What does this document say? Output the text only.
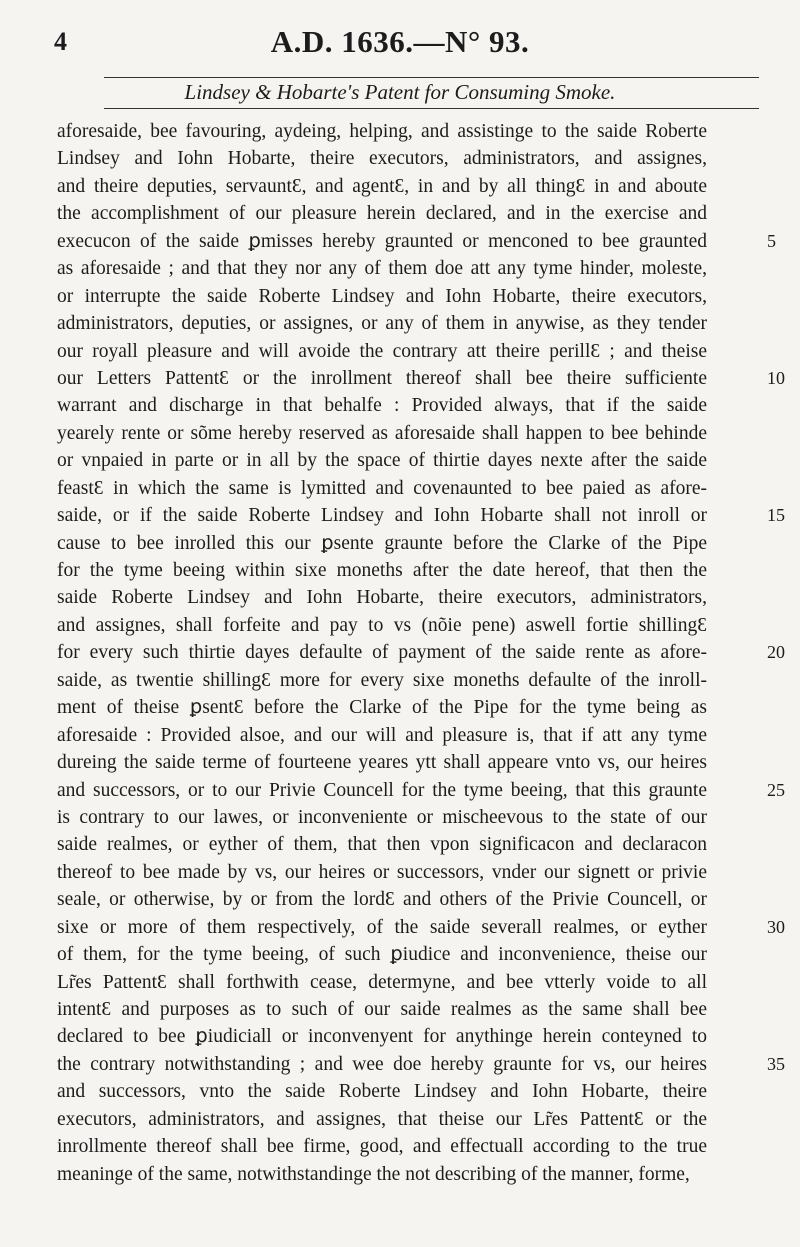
4	A.D. 1636.—N° 93.
Lindsey & Hobarte's Patent for Consuming Smoke.
aforesaide, bee favouring, aydeing, helping, and assistinge to the saide Roberte
Lindsey and Iohn Hobarte, theire executors, administrators, and assignes,
and theire deputies, servauntƐ, and agentƐ, in and by all thingƐ in and aboute
the accomplishment of our pleasure herein declared, and in the exercise and
execucon of the saide ꝑmisses hereby graunted or menconed to bee graunted	5
as aforesaide ; and that they nor any of them doe att any tyme hinder, moleste,
or interrupte the saide Roberte Lindsey and Iohn Hobarte, theire executors,
administrators, deputies, or assignes, or any of them in anywise, as they tender
our royall pleasure and will avoide the contrary att theire perillƐ ; and theise
our Letters PattentƐ or the inrollment thereof shall bee theire sufficiente	10
warrant and discharge in that behalfe : Provided always, that if the saide
yearely rente or sõme hereby reserved as aforesaide shall happen to bee behinde
or vnpaied in parte or in all by the space of thirtie dayes nexte after the saide
feastƐ in which the same is lymitted and covenaunted to bee paied as afore-
saide, or if the saide Roberte Lindsey and Iohn Hobarte shall not inroll or	15
cause to bee inrolled this our ꝑsente graunte before the Clarke of the Pipe
for the tyme beeing within sixe moneths after the date hereof, that then the
saide Roberte Lindsey and Iohn Hobarte, theire executors, administrators,
and assignes, shall forfeite and pay to vs (nõie pene) aswell fortie shillingƐ
for every such thirtie dayes defaulte of payment of the saide rente as afore-	20
saide, as twentie shillingƐ more for every sixe moneths defaulte of the inroll-
ment of theise ꝑsentƐ before the Clarke of the Pipe for the tyme being as
aforesaide : Provided alsoe, and our will and pleasure is, that if att any tyme
dureing the saide terme of fourteene yeares ytt shall appeare vnto vs, our heires
and successors, or to our Privie Councell for the tyme beeing, that this graunte	25
is contrary to our lawes, or inconveniente or mischeevous to the state of our
saide realmes, or eyther of them, that then vpon significacon and declaracon
thereof to bee made by vs, our heires or successors, vnder our signett or privie
seale, or otherwise, by or from the lordƐ and others of the Privie Councell, or
sixe or more of them respectively, of the saide severall realmes, or eyther	30
of them, for the tyme beeing, of such ꝑiudice and inconvenience, theise our
Lr̃es PattentƐ shall forthwith cease, determyne, and bee vtterly voide to all
intentƐ and purposes as to such of our saide realmes as the same shall bee
declared to bee ꝑiudiciall or inconvenyent for anythinge herein conteyned to
the contrary notwithstanding ; and wee doe hereby graunte for vs, our heires	35
and successors, vnto the saide Roberte Lindsey and Iohn Hobarte, theire
executors, administrators, and assignes, that theise our Lr̃es PattentƐ or the
inrollmente thereof shall bee firme, good, and effectuall according to the true
meaninge of the same, notwithstandinge the not describing of the manner, forme,
